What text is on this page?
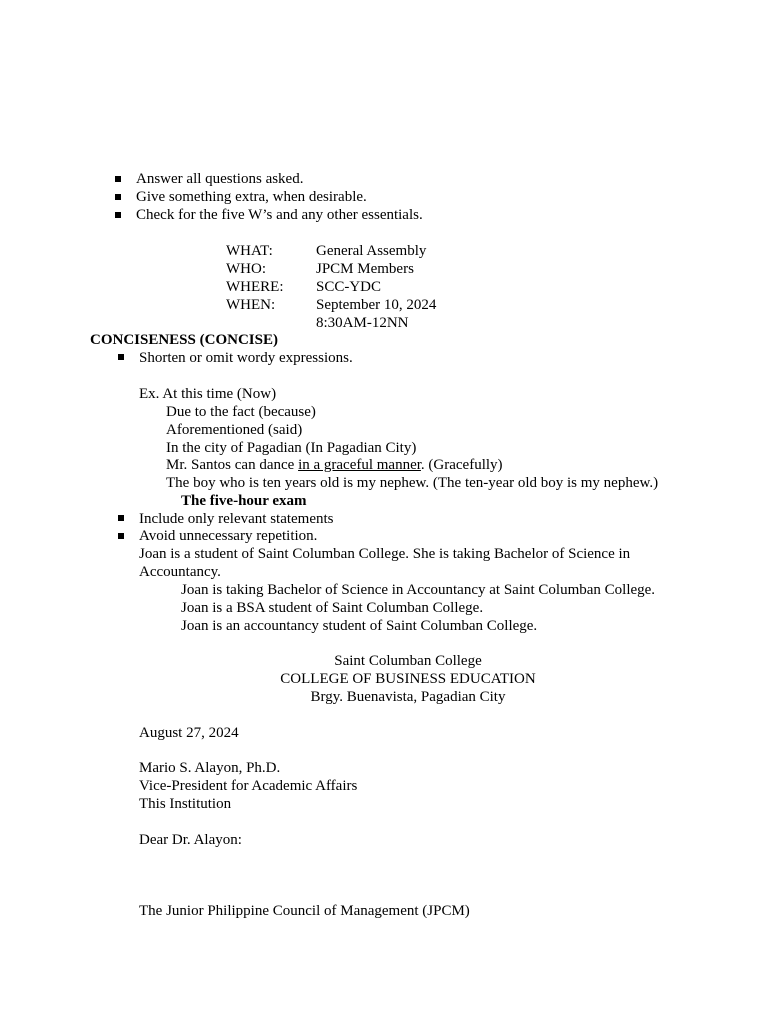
Answer all questions asked.
Give something extra, when desirable.
Check for the five W’s and any other essentials.
WHAT:	General Assembly
WHO:	JPCM Members
WHERE: SCC-YDC
WHEN:	September 10, 2024
8:30AM-12NN
CONCISENESS (CONCISE)
Shorten or omit wordy expressions.
Ex. At this time (Now)
Due to the fact (because)
Aforementioned (said)
In the city of Pagadian (In Pagadian City)
Mr. Santos can dance in a graceful manner. (Gracefully)
The boy who is ten years old is my nephew. (The ten-year old boy is my nephew.)
The five-hour exam
Include only relevant statements
Avoid unnecessary repetition.
Joan is a student of Saint Columban College. She is taking Bachelor of Science in
Accountancy.
Joan is taking Bachelor of Science in Accountancy at Saint Columban College.
Joan is a BSA student of Saint Columban College.
Joan is an accountancy student of Saint Columban College.
Saint Columban College
COLLEGE OF BUSINESS EDUCATION
Brgy. Buenavista, Pagadian City
August 27, 2024
Mario S. Alayon, Ph.D.
Vice-President for Academic Affairs
This Institution
Dear Dr. Alayon:
The Junior Philippine Council of Management (JPCM)
